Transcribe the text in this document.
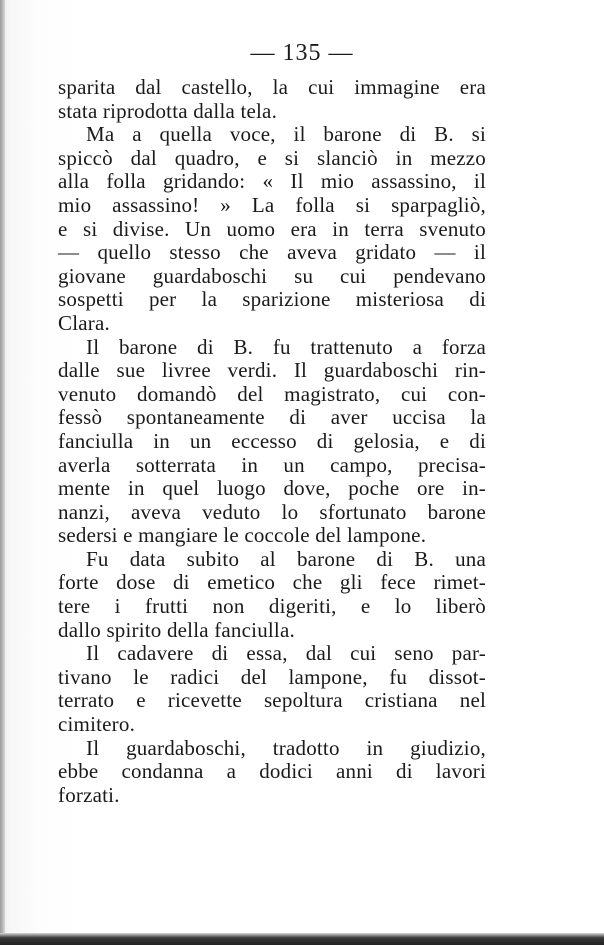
— 135 —
sparita dal castello, la cui immagine era
stata riprodotta dalla tela.
Ma a quella voce, il barone di B. si
spiccò dal quadro, e si slanciò in mezzo
alla folla gridando: « Il mio assassino, il
mio assassino! » La folla si sparpagliò,
e si divise. Un uomo era in terra svenuto
— quello stesso che aveva gridato — il
giovane guardaboschi su cui pendevano
sospetti per la sparizione misteriosa di
Clara.
Il barone di B. fu trattenuto a forza
dalle sue livree verdi. Il guardaboschi rin-
venuto domandò del magistrato, cui con-
fessò spontaneamente di aver uccisa la
fanciulla in un eccesso di gelosia, e di
averla sotterrata in un campo, precisa-
mente in quel luogo dove, poche ore in-
nanzi, aveva veduto lo sfortunato barone
sedersi e mangiare le coccole del lampone.
Fu data subito al barone di B. una
forte dose di emetico che gli fece rimet-
tere i frutti non digeriti, e lo liberò
dallo spirito della fanciulla.
Il cadavere di essa, dal cui seno par-
tivano le radici del lampone, fu dissot-
terrato e ricevette sepoltura cristiana nel
cimitero.
Il guardaboschi, tradotto in giudizio,
ebbe condanna a dodici anni di lavori
forzati.
